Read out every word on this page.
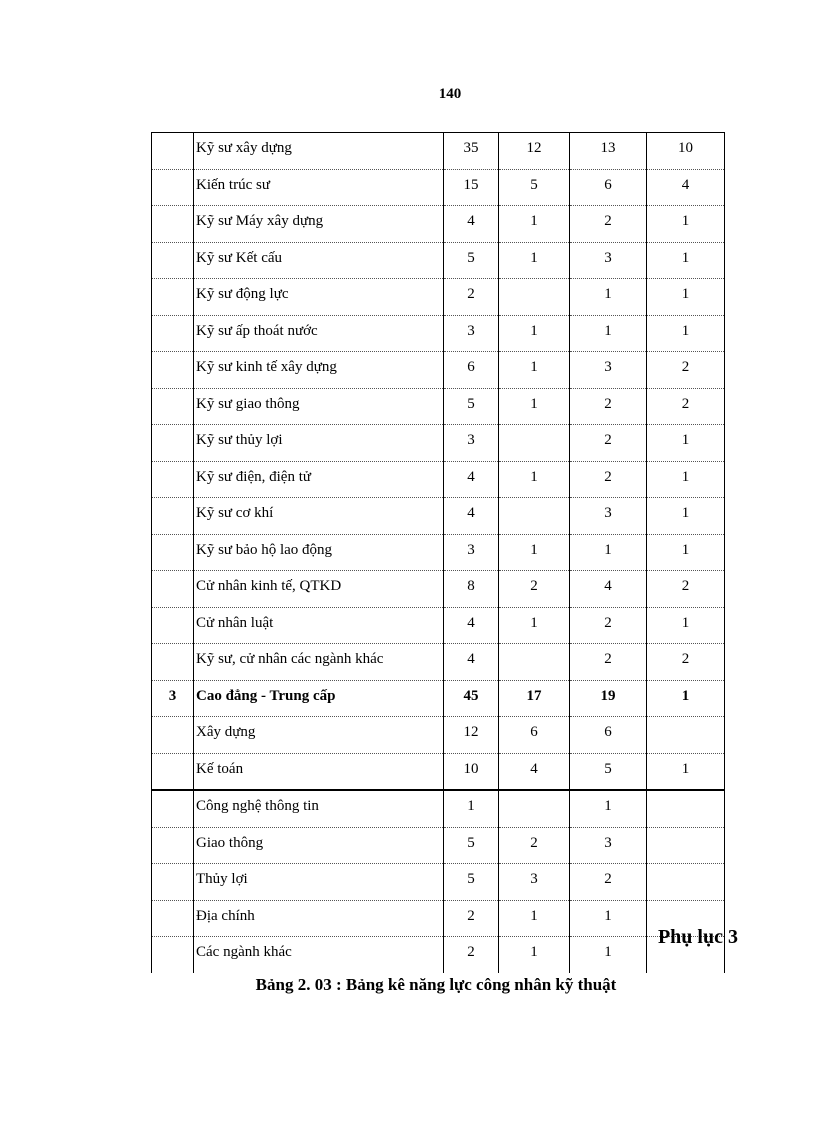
140
	Kỹ sư xây dựng	35	12	13	10
	Kiến trúc sư	15	5	6	4
	Kỹ sư Máy xây dựng	4	1	2	1
	Kỹ sư Kết cấu	5	1	3	1
	Kỹ sư động lực	2		1	1
	Kỹ sư ấp thoát nước	3	1	1	1
	Kỹ sư kinh tế xây dựng	6	1	3	2
	Kỹ sư giao thông	5	1	2	2
	Kỹ sư thủy lợi	3		2	1
	Kỹ sư điện, điện tử	4	1	2	1
	Kỹ sư cơ khí	4		3	1
	Kỹ sư bảo hộ lao động	3	1	1	1
	Cử nhân kinh tế, QTKD	8	2	4	2
	Cử nhân luật	4	1	2	1
	Kỹ sư, cử nhân các ngành khác	4		2	2
3	Cao đẳng - Trung cấp	45	17	19	1
	Xây dựng	12	6	6	
	Kế toán	10	4	5	1
	Công nghệ thông tin	1		1	
	Giao thông	5	2	3	
	Thủy lợi	5	3	2	
	Địa chính	2	1	1	
	Các ngành khác	2	1	1	
Phụ lục 3
Bảng 2. 03 : Bảng kê năng lực công nhân kỹ thuật
